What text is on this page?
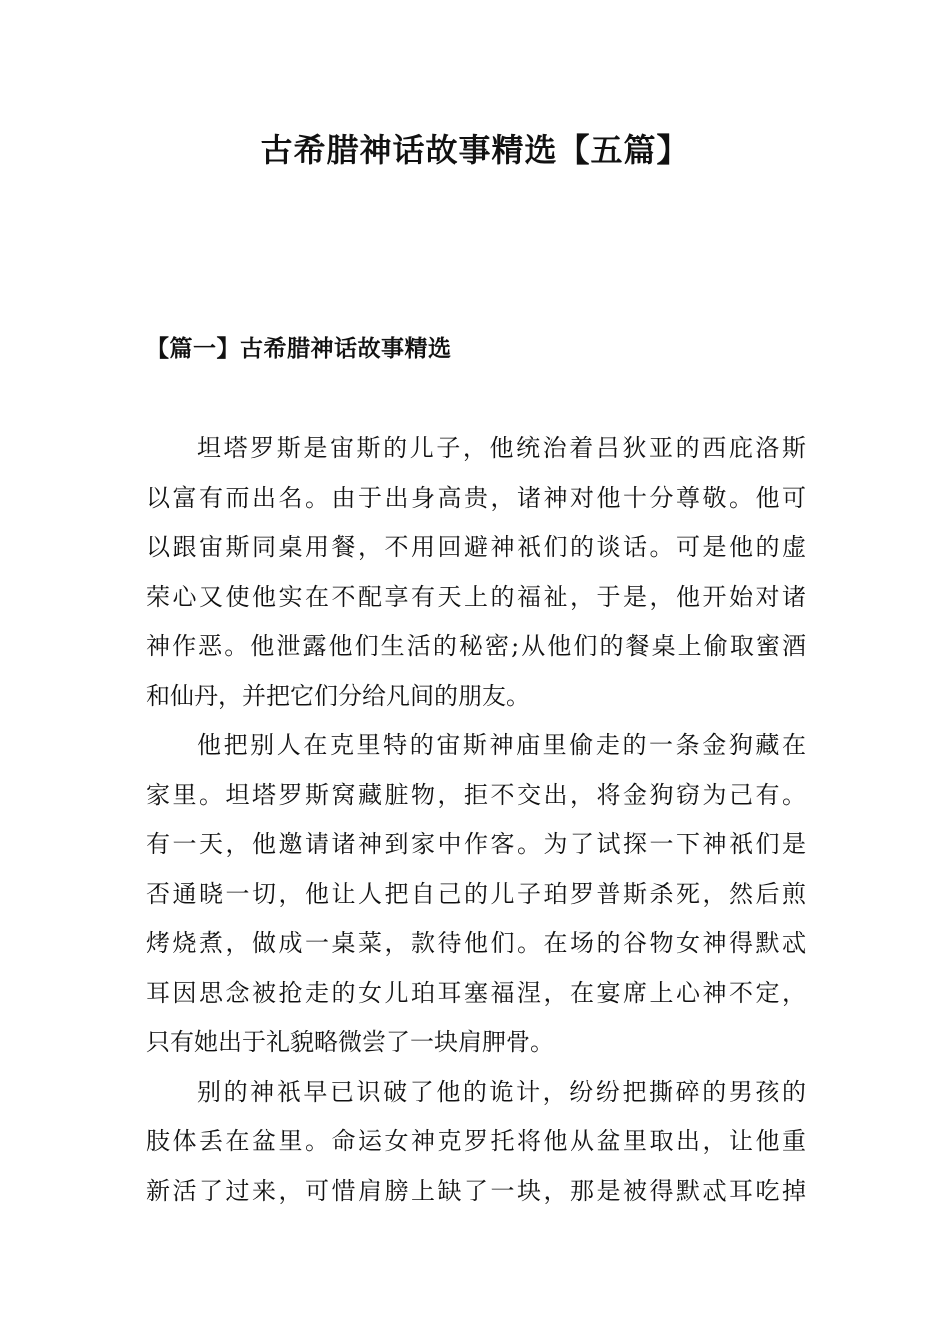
古希腊神话故事精选【五篇】
【篇一】古希腊神话故事精选
坦塔罗斯是宙斯的儿子，他统治着吕狄亚的西庇洛斯
以富有而出名。由于出身高贵，诸神对他十分尊敬。他可
以跟宙斯同桌用餐，不用回避神祇们的谈话。可是他的虚
荣心又使他实在不配享有天上的福祉，于是，他开始对诸
神作恶。他泄露他们生活的秘密;从他们的餐桌上偷取蜜酒
和仙丹，并把它们分给凡间的朋友。
他把别人在克里特的宙斯神庙里偷走的一条金狗藏在
家里。坦塔罗斯窝藏脏物，拒不交出，将金狗窃为己有。
有一天，他邀请诸神到家中作客。为了试探一下神祇们是
否通晓一切，他让人把自己的儿子珀罗普斯杀死，然后煎
烤烧煮，做成一桌菜，款待他们。在场的谷物女神得默忒
耳因思念被抢走的女儿珀耳塞福涅，在宴席上心神不定，
只有她出于礼貌略微尝了一块肩胛骨。
别的神祇早已识破了他的诡计，纷纷把撕碎的男孩的
肢体丢在盆里。命运女神克罗托将他从盆里取出，让他重
新活了过来，可惜肩膀上缺了一块，那是被得默忒耳吃掉
